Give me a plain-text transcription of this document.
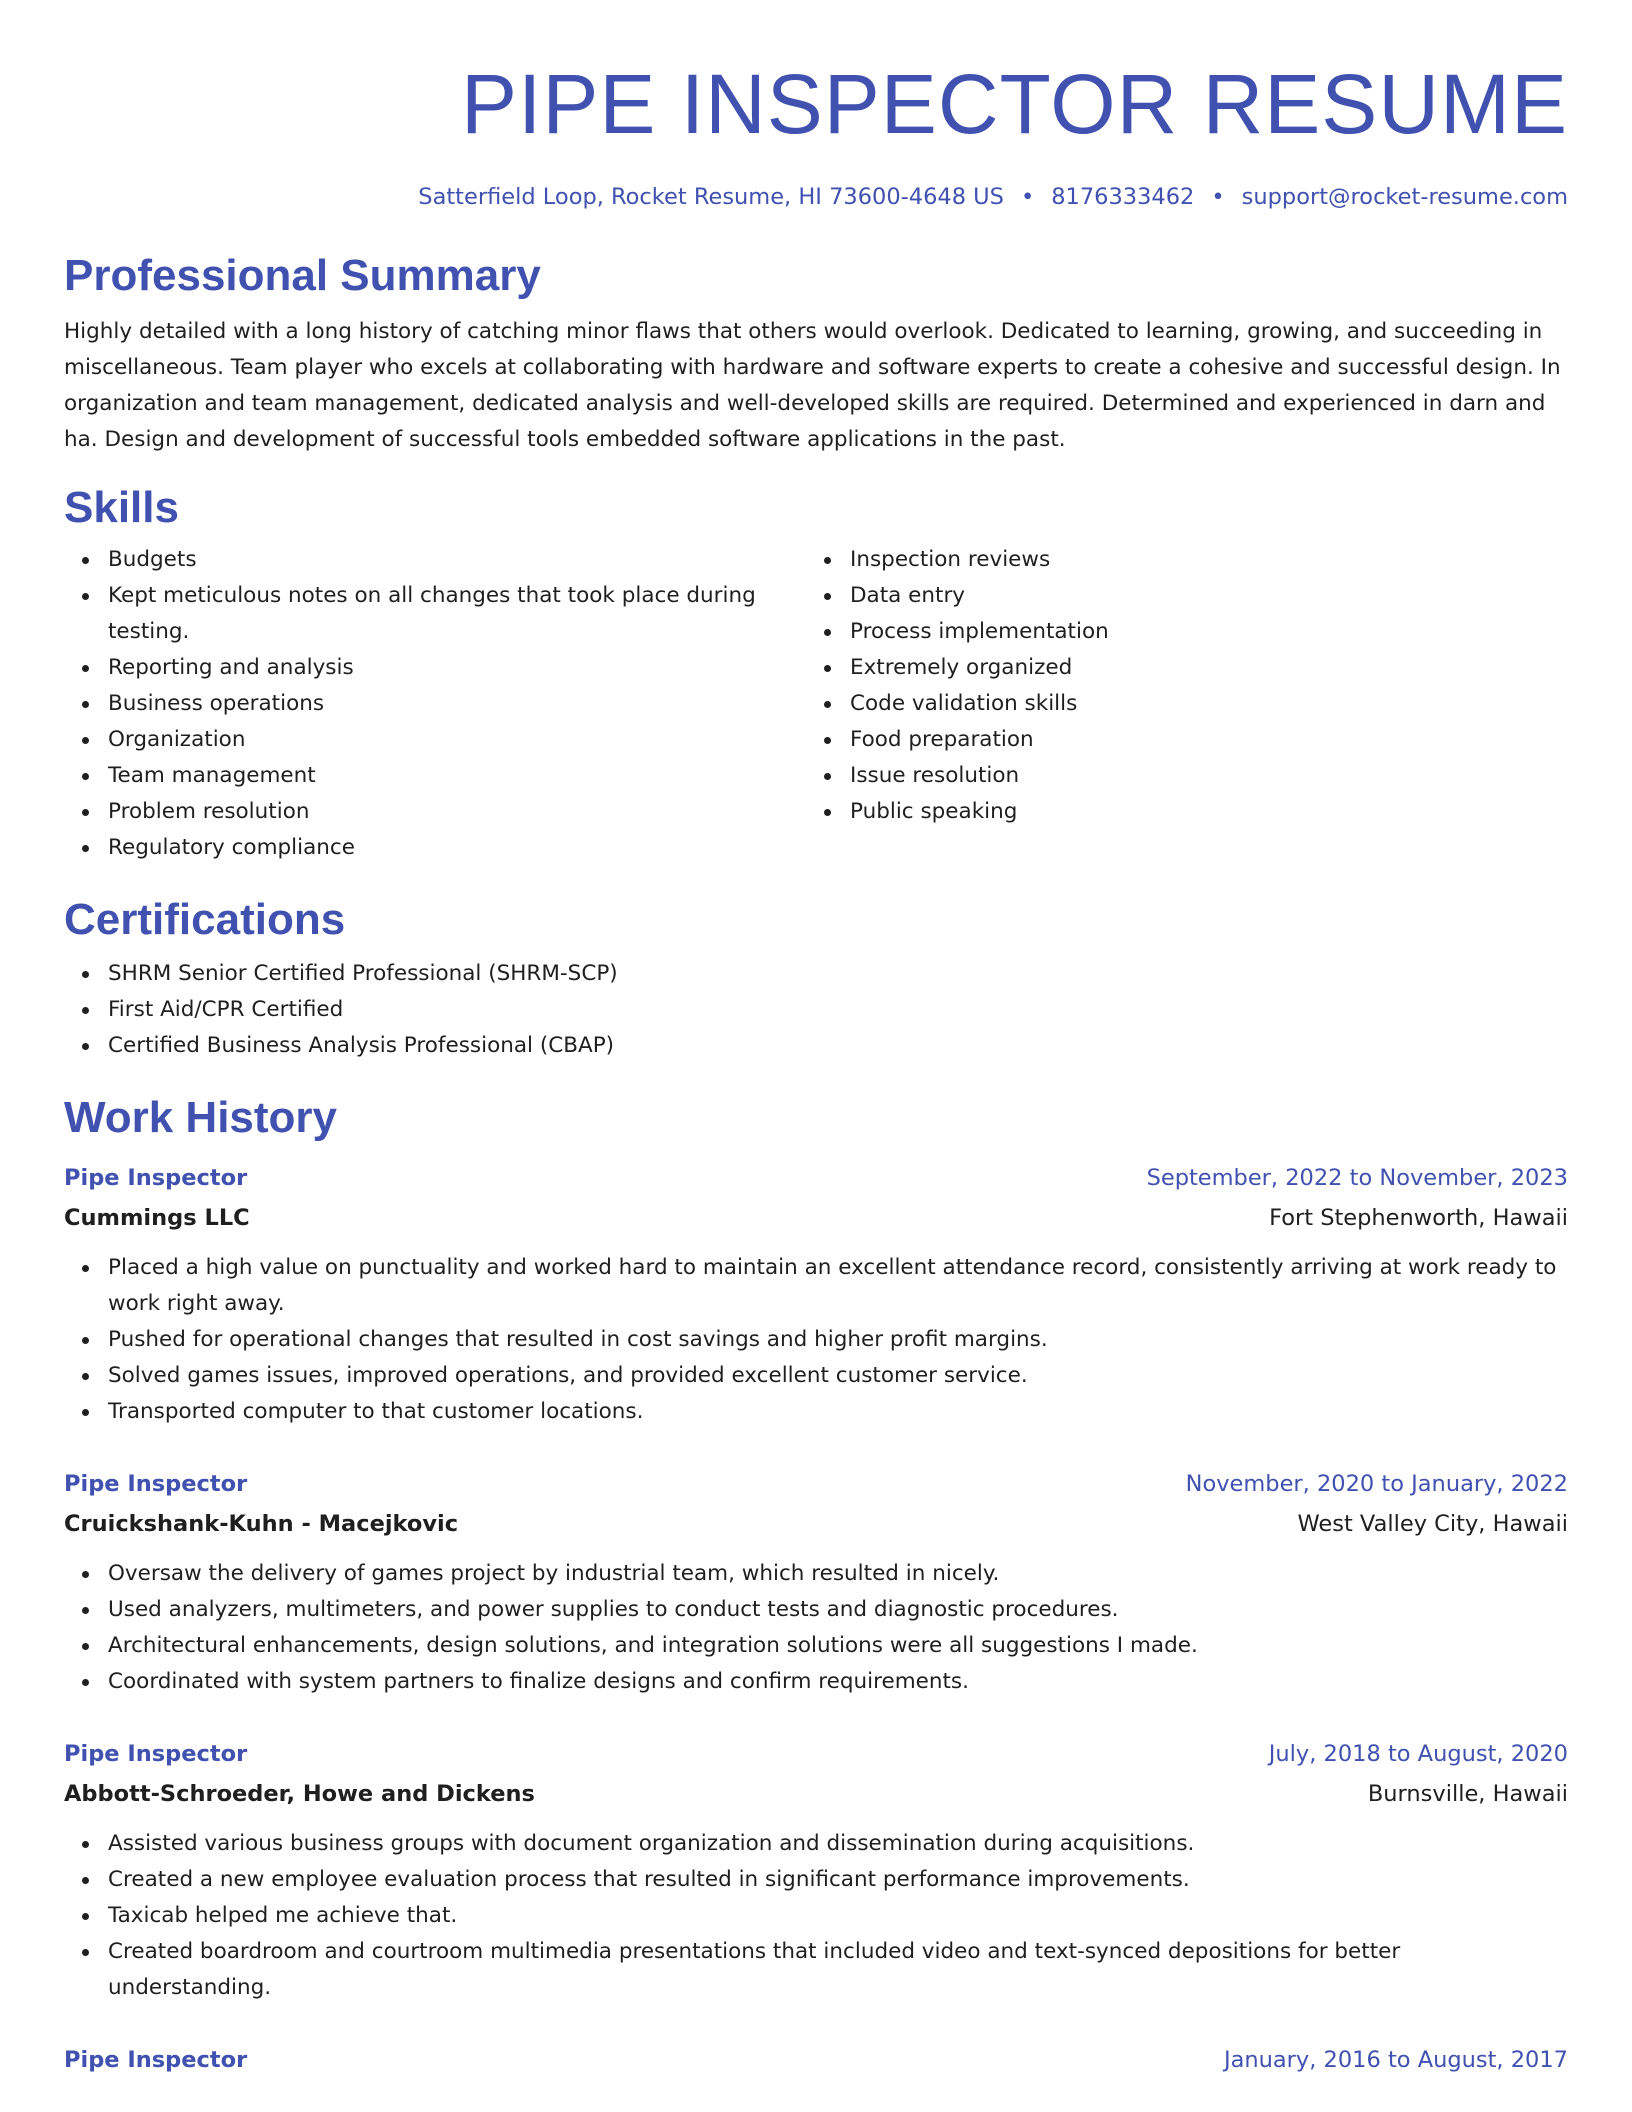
PIPE INSPECTOR RESUME
Satterfield Loop, Rocket Resume, HI 73600-4648 US • 8176333462 • support@rocket-resume.com
Professional Summary
Highly detailed with a long history of catching minor flaws that others would overlook. Dedicated to learning, growing, and succeeding in miscellaneous. Team player who excels at collaborating with hardware and software experts to create a cohesive and successful design. In organization and team management, dedicated analysis and well-developed skills are required. Determined and experienced in darn and ha. Design and development of successful tools embedded software applications in the past.
Skills
Budgets
Kept meticulous notes on all changes that took place during testing.
Reporting and analysis
Business operations
Organization
Team management
Problem resolution
Regulatory compliance
Inspection reviews
Data entry
Process implementation
Extremely organized
Code validation skills
Food preparation
Issue resolution
Public speaking
Certifications
SHRM Senior Certified Professional (SHRM-SCP)
First Aid/CPR Certified
Certified Business Analysis Professional (CBAP)
Work History
Pipe Inspector	September, 2022 to November, 2023
Cummings LLC	Fort Stephenworth, Hawaii
Placed a high value on punctuality and worked hard to maintain an excellent attendance record, consistently arriving at work ready to work right away.
Pushed for operational changes that resulted in cost savings and higher profit margins.
Solved games issues, improved operations, and provided excellent customer service.
Transported computer to that customer locations.
Pipe Inspector	November, 2020 to January, 2022
Cruickshank-Kuhn - Macejkovic	West Valley City, Hawaii
Oversaw the delivery of games project by industrial team, which resulted in nicely.
Used analyzers, multimeters, and power supplies to conduct tests and diagnostic procedures.
Architectural enhancements, design solutions, and integration solutions were all suggestions I made.
Coordinated with system partners to finalize designs and confirm requirements.
Pipe Inspector	July, 2018 to August, 2020
Abbott-Schroeder, Howe and Dickens	Burnsville, Hawaii
Assisted various business groups with document organization and dissemination during acquisitions.
Created a new employee evaluation process that resulted in significant performance improvements.
Taxicab helped me achieve that.
Created boardroom and courtroom multimedia presentations that included video and text-synced depositions for better understanding.
Pipe Inspector	January, 2016 to August, 2017
